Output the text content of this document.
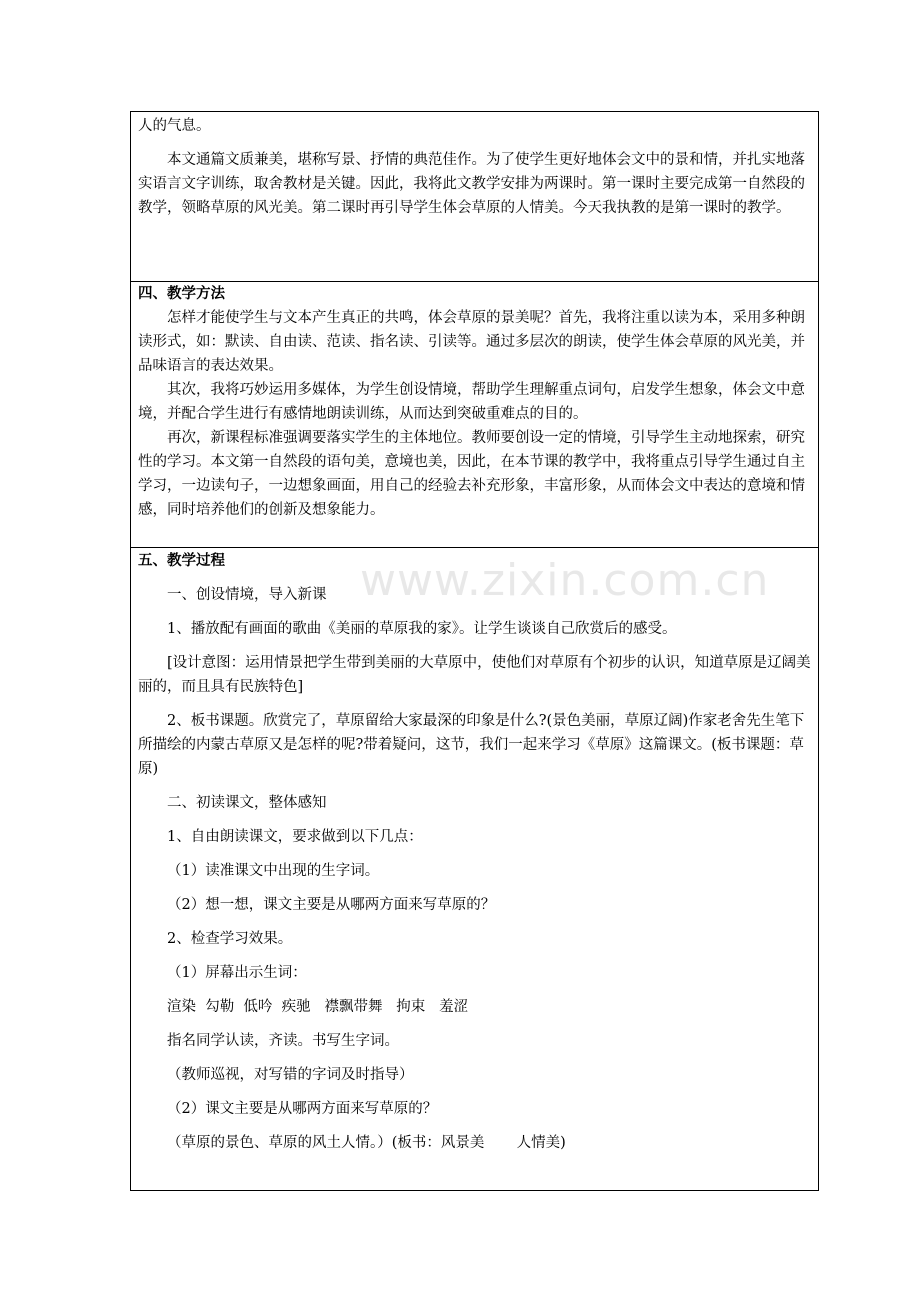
www.zixin.com.cn

人的气息。

本文通篇文质兼美，堪称写景、抒情的典范佳作。为了使学生更好地体会文中的景和情，并扎实地落实语言文字训练，取舍教材是关键。因此，我将此文教学安排为两课时。第一课时主要完成第一自然段的教学，领略草原的风光美。第二课时再引导学生体会草原的人情美。今天我执教的是第一课时的教学。

四、教学方法

怎样才能使学生与文本产生真正的共鸣，体会草原的景美呢？首先，我将注重以读为本，采用多种朗读形式，如：默读、自由读、范读、指名读、引读等。通过多层次的朗读，使学生体会草原的风光美，并品味语言的表达效果。

其次，我将巧妙运用多媒体，为学生创设情境，帮助学生理解重点词句，启发学生想象，体会文中意境，并配合学生进行有感情地朗读训练，从而达到突破重难点的目的。

再次，新课程标准强调要落实学生的主体地位。教师要创设一定的情境，引导学生主动地探索，研究性的学习。本文第一自然段的语句美，意境也美，因此，在本节课的教学中，我将重点引导学生通过自主学习，一边读句子，一边想象画面，用自己的经验去补充形象，丰富形象，从而体会文中表达的意境和情感，同时培养他们的创新及想象能力。

五、教学过程

一、创设情境，导入新课

1、播放配有画面的歌曲《美丽的草原我的家》。让学生谈谈自己欣赏后的感受。

[设计意图：运用情景把学生带到美丽的大草原中，使他们对草原有个初步的认识，知道草原是辽阔美丽的，而且具有民族特色]

2、板书课题。欣赏完了，草原留给大家最深的印象是什么?(景色美丽，草原辽阔)作家老舍先生笔下所描绘的内蒙古草原又是怎样的呢?带着疑问，这节，我们一起来学习《草原》这篇课文。(板书课题：草原)

二、初读课文，整体感知

1、自由朗读课文，要求做到以下几点：

（1）读准课文中出现的生字词。

（2）想一想，课文主要是从哪两方面来写草原的？

2、检查学习效果。

（1）屏幕出示生词：

渲染  勾勒  低吟  疾驰   襟飘带舞   拘束   羞涩

指名同学认读，齐读。书写生字词。

（教师巡视，对写错的字词及时指导）

（2）课文主要是从哪两方面来写草原的？

（草原的景色、草原的风土人情。）(板书：风景美       人情美)
